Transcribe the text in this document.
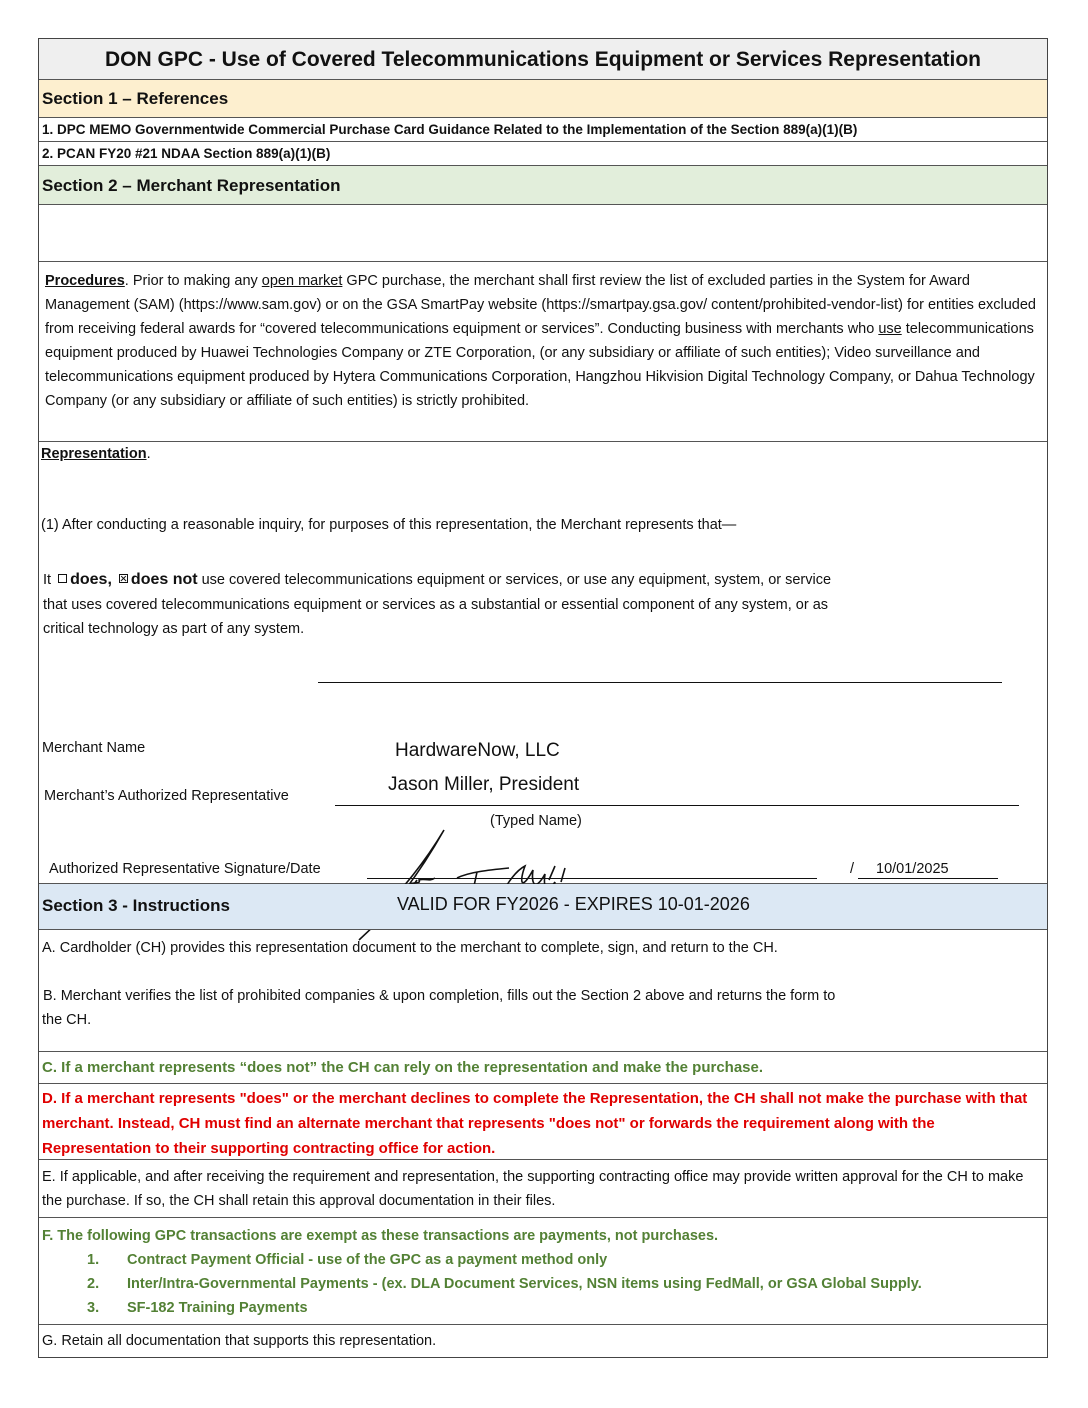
DON GPC - Use of Covered Telecommunications Equipment or Services Representation
Section 1 – References
1. DPC MEMO Governmentwide Commercial Purchase Card Guidance Related to the Implementation of the Section 889(a)(1)(B)
2. PCAN FY20 #21 NDAA Section 889(a)(1)(B)
Section 2 – Merchant Representation
Procedures. Prior to making any open market GPC purchase, the merchant shall first review the list of excluded parties in the System for Award Management (SAM) (https://www.sam.gov) or on the GSA SmartPay website (https://smartpay.gsa.gov/ content/prohibited-vendor-list) for entities excluded from receiving federal awards for “covered telecommunications equipment or services”. Conducting business with merchants who use telecommunications equipment produced by Huawei Technologies Company or ZTE Corporation, (or any subsidiary or affiliate of such entities); Video surveillance and telecommunications equipment produced by Hytera Communications Corporation, Hangzhou Hikvision Digital Technology Company, or Dahua Technology Company (or any subsidiary or affiliate of such entities) is strictly prohibited.
Representation.
(1) After conducting a reasonable inquiry, for purposes of this representation, the Merchant represents that—
It does, does not use covered telecommunications equipment or services, or use any equipment, system, or service
that uses covered telecommunications equipment or services as a substantial or essential component of any system, or as
critical technology as part of any system.
Merchant Name	HardwareNow, LLC
Merchant’s Authorized Representative
Jason Miller, President
(Typed Name)
Authorized Representative Signature/Date	/ 10/01/2025
Section 3 - Instructions	VALID FOR FY2026 - EXPIRES 10-01-2026
A. Cardholder (CH) provides this representation document to the merchant to complete, sign, and return to the CH.
B. Merchant verifies the list of prohibited companies & upon completion, fills out the Section 2 above and returns the form to
the CH.
C. If a merchant represents “does not” the CH can rely on the representation and make the purchase.
D. If a merchant represents "does" or the merchant declines to complete the Representation, the CH shall not make the purchase with that merchant. Instead, CH must find an alternate merchant that represents "does not" or forwards the requirement along with the Representation to their supporting contracting office for action.
E. If applicable, and after receiving the requirement and representation, the supporting contracting office may provide written approval for the CH to make the purchase. If so, the CH shall retain this approval documentation in their files.
F. The following GPC transactions are exempt as these transactions are payments, not purchases.
1. Contract Payment Official - use of the GPC as a payment method only
2. Inter/Intra-Governmental Payments - (ex. DLA Document Services, NSN items using FedMall, or GSA Global Supply.
3. SF-182 Training Payments
G. Retain all documentation that supports this representation.
